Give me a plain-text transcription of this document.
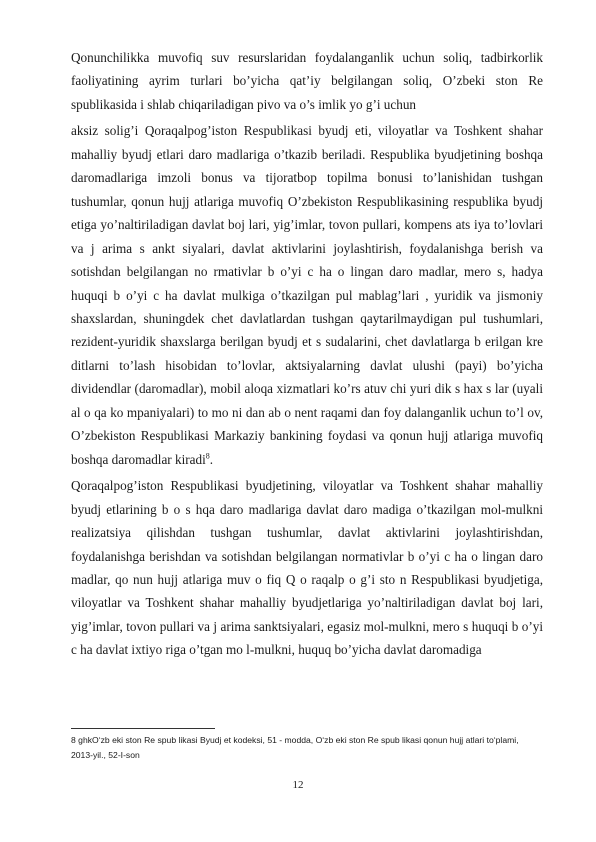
Qonunchilikka muvofiq suv resurslaridan foydalanganlik uchun soliq, tadbirkorlik faoliyatining ayrim turlari bo’yicha qat’iy belgilangan soliq, O’zbeki ston Re spublikasida i shlab chiqariladigan pivo va o’s imlik yo g’i uchun

aksiz solig’i Qoraqalpog’iston Respublikasi byudj eti, viloyatlar va Toshkent shahar mahalliy byudj etlari daro madlariga o’tkazib beriladi. Respublika byudjetining boshqa daromadlariga imzoli bonus va tijoratbop topilma bonusi to’lanishidan tushgan tushumlar, qonun hujj atlariga muvofiq O’zbekiston Respublikasining respublika byudj etiga yo’naltiriladigan davlat boj lari, yig’imlar, tovon pullari, kompens ats iya to’lovlari va j arima s ankt siyalari, davlat aktivlarini joylashtirish, foydalanishga berish va sotishdan belgilangan no rmativlar b o’yi c ha o lingan daro madlar, mero s, hadya huquqi b o’yi c ha davlat mulkiga o’tkazilgan pul mablag’lari , yuridik va jismoniy shaxslardan, shuningdek chet davlatlardan tushgan qaytarilmaydigan pul tushumlari, rezident-yuridik shaxslarga berilgan byudj et s sudalarini, chet davlatlarga b erilgan kre ditlarni to’lash hisobidan to’lovlar, aktsiyalarning davlat ulushi (payi) bo’yicha dividendlar (daromadlar), mobil aloqa xizmatlari ko’rs atuv chi yuri dik s hax s lar (uyali al o qa ko mpaniyalari) to mo ni dan ab o nent raqami dan foy dalanganlik uchun to’l ov, O’zbekiston Respublikasi Markaziy bankining foydasi va qonun hujj atlariga muvofiq boshqa daromadlar kiradi$^8$.

Qoraqalpog’iston Respublikasi byudjetining, viloyatlar va Toshkent shahar mahalliy byudj etlarining b o s hqa daro madlariga davlat daro madiga o’tkazilgan mol-mulkni realizatsiya qilishdan tushgan tushumlar, davlat aktivlarini joylashtirishdan, foydalanishga berishdan va sotishdan belgilangan normativlar b o’yi c ha o lingan daro madlar, qo nun hujj atlariga muv o fiq Q o raqalp o g’i sto n Respublikasi byudjetiga, viloyatlar va Toshkent shahar mahalliy byudjetlariga yo’naltiriladigan davlat boj lari, yig’imlar, tovon pullari va j arima sanktsiyalari, egasiz mol-mulkni, mero s huquqi b o’yi c ha davlat ixtiyo riga o’tgan mo l-mulkni, huquq bo’yicha davlat daromadiga

8 ghkO‘zb eki ston Re spub likasi Byudj et kodeksi, 51 - modda, O‘zb eki ston Re spub likasi qonun hujj atlari to‘plami, 2013-yil., 52-I-son
12
